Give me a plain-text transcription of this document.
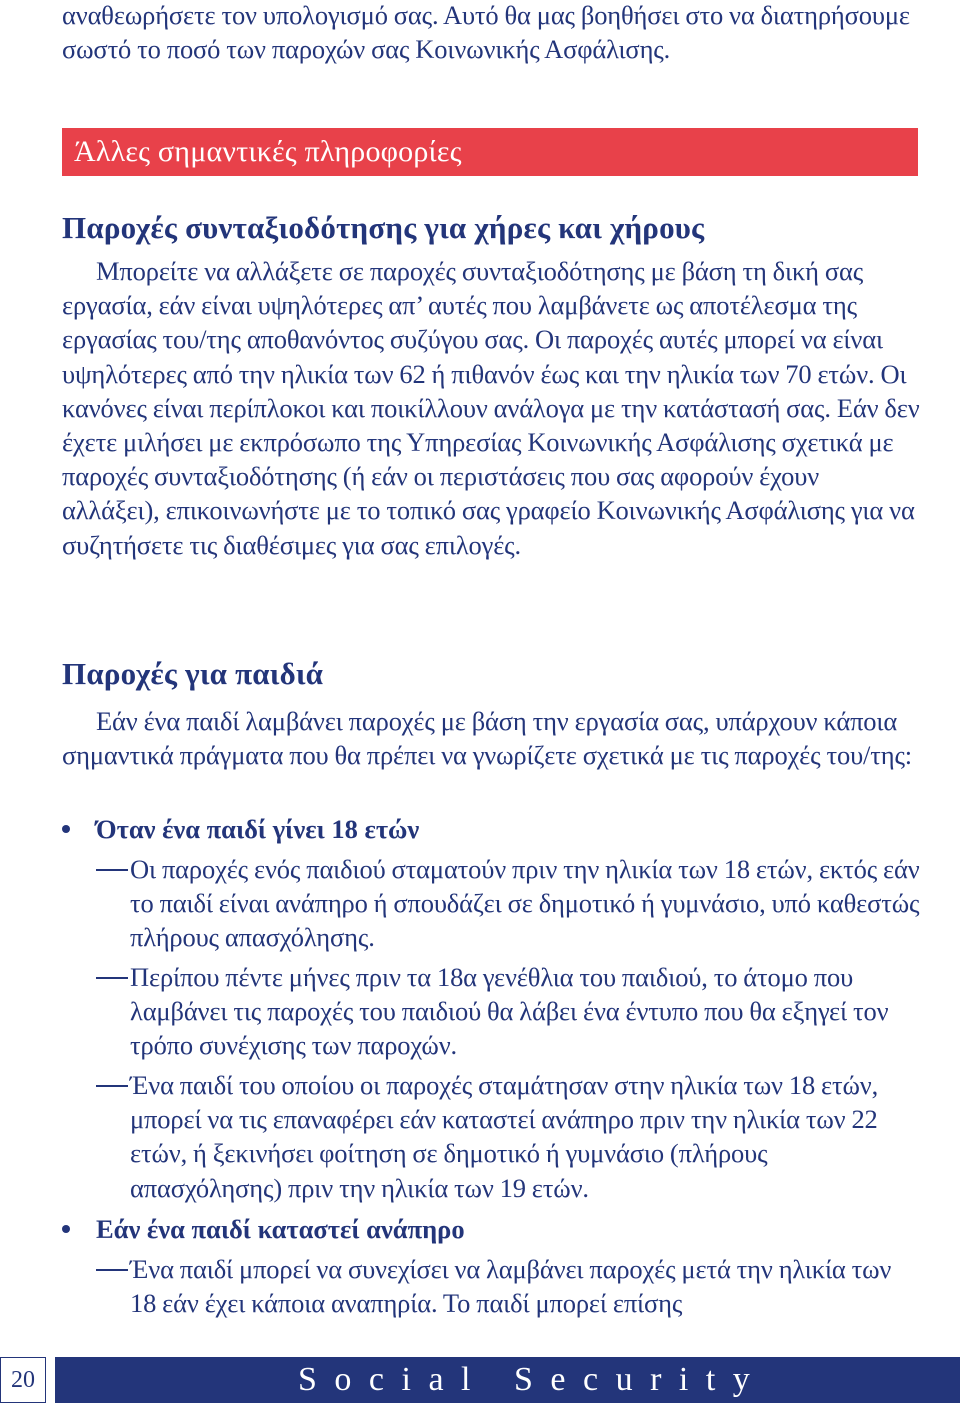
αναθεωρήσετε τον υπολογισμό σας. Αυτό θα μας βοηθήσει στο να διατηρήσουμε σωστό το ποσό των παροχών σας Κοινωνικής Ασφάλισης.

Άλλες σημαντικές πληροφορίες
Παροχές συνταξιοδότησης για χήρες και χήρους

Μπορείτε να αλλάξετε σε παροχές συνταξιοδότησης με βάση τη δική σας εργασία, εάν είναι υψηλότερες απ’ αυτές που λαμβάνετε ως αποτέλεσμα της εργασίας του/της αποθανόντος συζύγου σας. Οι παροχές αυτές μπορεί να είναι υψηλότερες από την ηλικία των 62 ή πιθανόν έως και την ηλικία των 70 ετών. Οι κανόνες είναι περίπλοκοι και ποικίλλουν ανάλογα με την κατάστασή σας. Εάν δεν έχετε μιλήσει με εκπρόσωπο της Υπηρεσίας Κοινωνικής Ασφάλισης σχετικά με παροχές συνταξιοδότησης (ή εάν οι περιστάσεις που σας αφορούν έχουν αλλάξει), επικοινωνήστε με το τοπικό σας γραφείο Κοινωνικής Ασφάλισης για να συζητήσετε τις διαθέσιμες για σας επιλογές.

Παροχές για παιδιά

Εάν ένα παιδί λαμβάνει παροχές με βάση την εργασία σας, υπάρχουν κάποια σημαντικά πράγματα που θα πρέπει να γνωρίζετε σχετικά με τις παροχές του/της:

Όταν ένα παιδί γίνει 18 ετών

Οι παροχές ενός παιδιού σταματούν πριν την ηλικία των 18 ετών, εκτός εάν το παιδί είναι ανάπηρο ή σπουδάζει σε δημοτικό ή γυμνάσιο, υπό καθεστώς πλήρους απασχόλησης.

Περίπου πέντε μήνες πριν τα 18α γενέθλια του παιδιού, το άτομο που λαμβάνει τις παροχές του παιδιού θα λάβει ένα έντυπο που θα εξηγεί τον τρόπο συνέχισης των παροχών.

Ένα παιδί του οποίου οι παροχές σταμάτησαν στην ηλικία των 18 ετών, μπορεί να τις επαναφέρει εάν καταστεί ανάπηρο πριν την ηλικία των 22 ετών, ή ξεκινήσει φοίτηση σε δημοτικό ή γυμνάσιο (πλήρους απασχόλησης) πριν την ηλικία των 19 ετών.

Εάν ένα παιδί καταστεί ανάπηρο

Ένα παιδί μπορεί να συνεχίσει να λαμβάνει παροχές μετά την ηλικία των 18 εάν έχει κάποια αναπηρία. Το παιδί μπορεί επίσης

20	Social Security
